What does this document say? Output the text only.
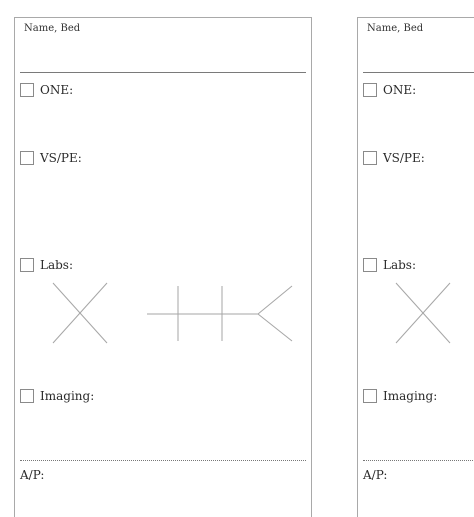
Name, Bed
ONE:
VS/PE:
Labs:
Imaging:
A/P:
Name, Bed
ONE:
VS/PE:
Labs:
Imaging:
A/P:
